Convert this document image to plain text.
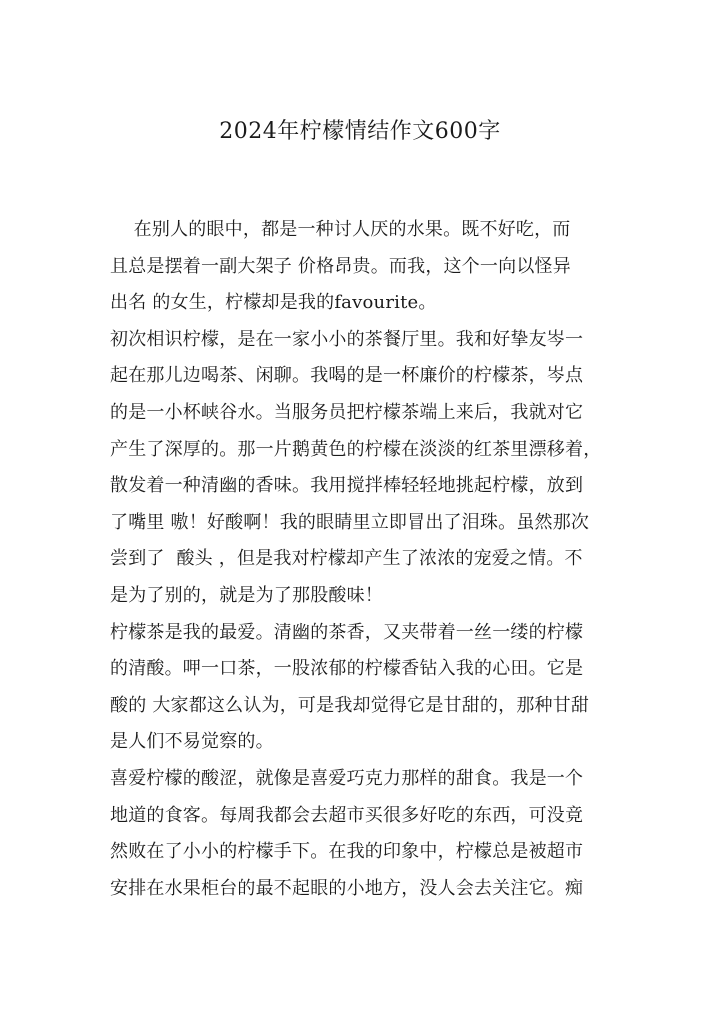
2024年柠檬情结作文600字
在别人的眼中，都是一种讨人厌的水果。既不好吃，而
且总是摆着一副大架子 价格昂贵。而我，这个一向以怪异
出名 的女生，柠檬却是我的favourite。
初次相识柠檬，是在一家小小的茶餐厅里。我和好挚友岑一
起在那儿边喝茶、闲聊。我喝的是一杯廉价的柠檬茶，岑点
的是一小杯峡谷水。当服务员把柠檬茶端上来后，我就对它
产生了深厚的。那一片鹅黄色的柠檬在淡淡的红茶里漂移着，
散发着一种清幽的香味。我用搅拌棒轻轻地挑起柠檬，放到
了嘴里 嗷！好酸啊！我的眼睛里立即冒出了泪珠。虽然那次
尝到了  酸头 ，但是我对柠檬却产生了浓浓的宠爱之情。不
是为了别的，就是为了那股酸味！
柠檬茶是我的最爱。清幽的茶香，又夹带着一丝一缕的柠檬
的清酸。呷一口茶，一股浓郁的柠檬香钻入我的心田。它是
酸的 大家都这么认为，可是我却觉得它是甘甜的，那种甘甜
是人们不易觉察的。
喜爱柠檬的酸涩，就像是喜爱巧克力那样的甜食。我是一个
地道的食客。每周我都会去超市买很多好吃的东西，可没竟
然败在了小小的柠檬手下。在我的印象中，柠檬总是被超市
安排在水果柜台的最不起眼的小地方，没人会去关注它。痴
